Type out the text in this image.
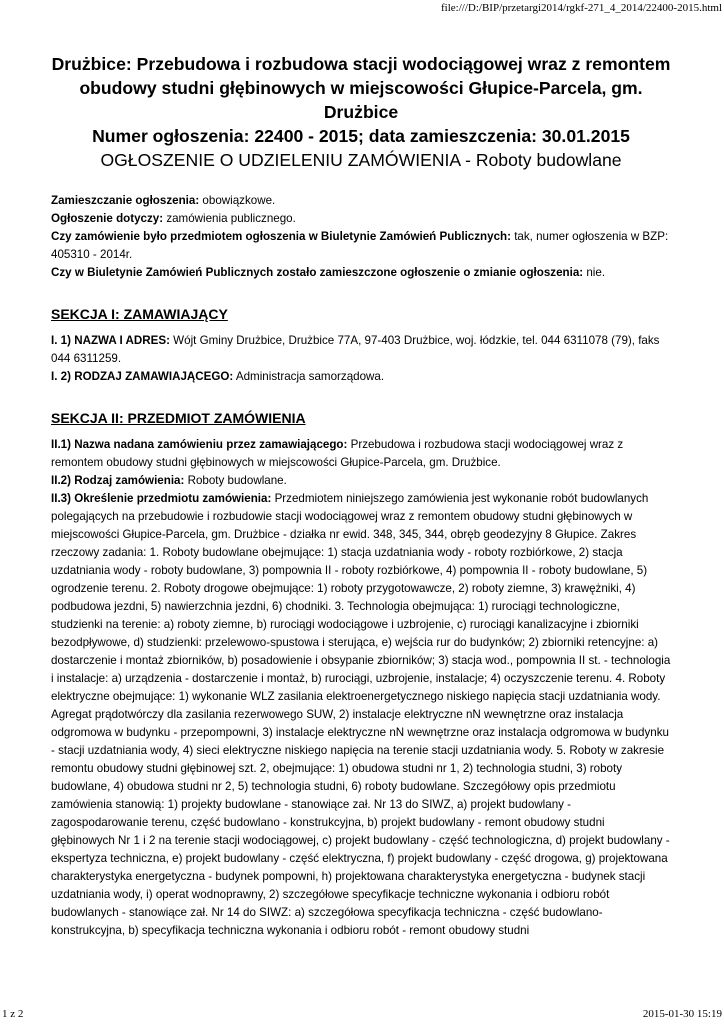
file:///D:/BIP/przetargi2014/rgkf-271_4_2014/22400-2015.html

Drużbice: Przebudowa i rozbudowa stacji wodociągowej wraz z remontem obudowy studni głębinowych w miejscowości Głupice-Parcela, gm. Drużbice

Numer ogłoszenia: 22400 - 2015; data zamieszczenia: 30.01.2015

OGŁOSZENIE O UDZIELENIU ZAMÓWIENIA - Roboty budowlane

Zamieszczanie ogłoszenia: obowiązkowe.

Ogłoszenie dotyczy: zamówienia publicznego.

Czy zamówienie było przedmiotem ogłoszenia w Biuletynie Zamówień Publicznych: tak, numer ogłoszenia w BZP: 405310 - 2014r.

Czy w Biuletynie Zamówień Publicznych zostało zamieszczone ogłoszenie o zmianie ogłoszenia: nie.

SEKCJA I: ZAMAWIAJĄCY

I. 1) NAZWA I ADRES: Wójt Gminy Drużbice, Drużbice 77A, 97-403 Drużbice, woj. łódzkie, tel. 044 6311078 (79), faks 044 6311259.

I. 2) RODZAJ ZAMAWIAJĄCEGO: Administracja samorządowa.

SEKCJA II: PRZEDMIOT ZAMÓWIENIA

II.1) Nazwa nadana zamówieniu przez zamawiającego: Przebudowa i rozbudowa stacji wodociągowej wraz z remontem obudowy studni głębinowych w miejscowości Głupice-Parcela, gm. Drużbice.

II.2) Rodzaj zamówienia: Roboty budowlane.

II.3) Określenie przedmiotu zamówienia: Przedmiotem niniejszego zamówienia jest wykonanie robót budowlanych polegających na przebudowie i rozbudowie stacji wodociągowej wraz z remontem obudowy studni głębinowych w miejscowości Głupice-Parcela, gm. Drużbice - działka nr ewid. 348, 345, 344, obręb geodezyjny 8 Głupice. Zakres rzeczowy zadania: 1. Roboty budowlane obejmujące: 1) stacja uzdatniania wody - roboty rozbiórkowe, 2) stacja uzdatniania wody - roboty budowlane, 3) pompownia II - roboty rozbiórkowe, 4) pompownia II - roboty budowlane, 5) ogrodzenie terenu. 2. Roboty drogowe obejmujące: 1) roboty przygotowawcze, 2) roboty ziemne, 3) krawężniki, 4) podbudowa jezdni, 5) nawierzchnia jezdni, 6) chodniki. 3. Technologia obejmująca: 1) rurociągi technologiczne, studzienki na terenie: a) roboty ziemne, b) rurociągi wodociągowe i uzbrojenie, c) rurociągi kanalizacyjne i zbiorniki bezodpływowe, d) studzienki: przelewowo-spustowa i sterująca, e) wejścia rur do budynków; 2) zbiorniki retencyjne: a) dostarczenie i montaż zbiorników, b) posadowienie i obsypanie zbiorników; 3) stacja wod., pompownia II st. - technologia i instalacje: a) urządzenia - dostarczenie i montaż, b) rurociągi, uzbrojenie, instalacje; 4) oczyszczenie terenu. 4. Roboty elektryczne obejmujące: 1) wykonanie WLZ zasilania elektroenergetycznego niskiego napięcia stacji uzdatniania wody. Agregat prądotwórczy dla zasilania rezerwowego SUW, 2) instalacje elektryczne nN wewnętrzne oraz instalacja odgromowa w budynku - przepompowni, 3) instalacje elektryczne nN wewnętrzne oraz instalacja odgromowa w budynku - stacji uzdatniania wody, 4) sieci elektryczne niskiego napięcia na terenie stacji uzdatniania wody. 5. Roboty w zakresie remontu obudowy studni głębinowej szt. 2, obejmujące: 1) obudowa studni nr 1, 2) technologia studni, 3) roboty budowlane, 4) obudowa studni nr 2, 5) technologia studni, 6) roboty budowlane. Szczegółowy opis przedmiotu zamówienia stanowią: 1) projekty budowlane - stanowiące zał. Nr 13 do SIWZ, a) projekt budowlany - zagospodarowanie terenu, część budowlano - konstrukcyjna, b) projekt budowlany - remont obudowy studni głębinowych Nr 1 i 2 na terenie stacji wodociągowej, c) projekt budowlany - część technologiczna, d) projekt budowlany - ekspertyza techniczna, e) projekt budowlany - część elektryczna, f) projekt budowlany - część drogowa, g) projektowana charakterystyka energetyczna - budynek pompowni, h) projektowana charakterystyka energetyczna - budynek stacji uzdatniania wody, i) operat wodnoprawny, 2) szczegółowe specyfikacje techniczne wykonania i odbioru robót budowlanych - stanowiące zał. Nr 14 do SIWZ: a) szczegółowa specyfikacja techniczna - część budowlano-konstrukcyjna, b) specyfikacja techniczna wykonania i odbioru robót - remont obudowy studni

1 z 2	2015-01-30 15:19
